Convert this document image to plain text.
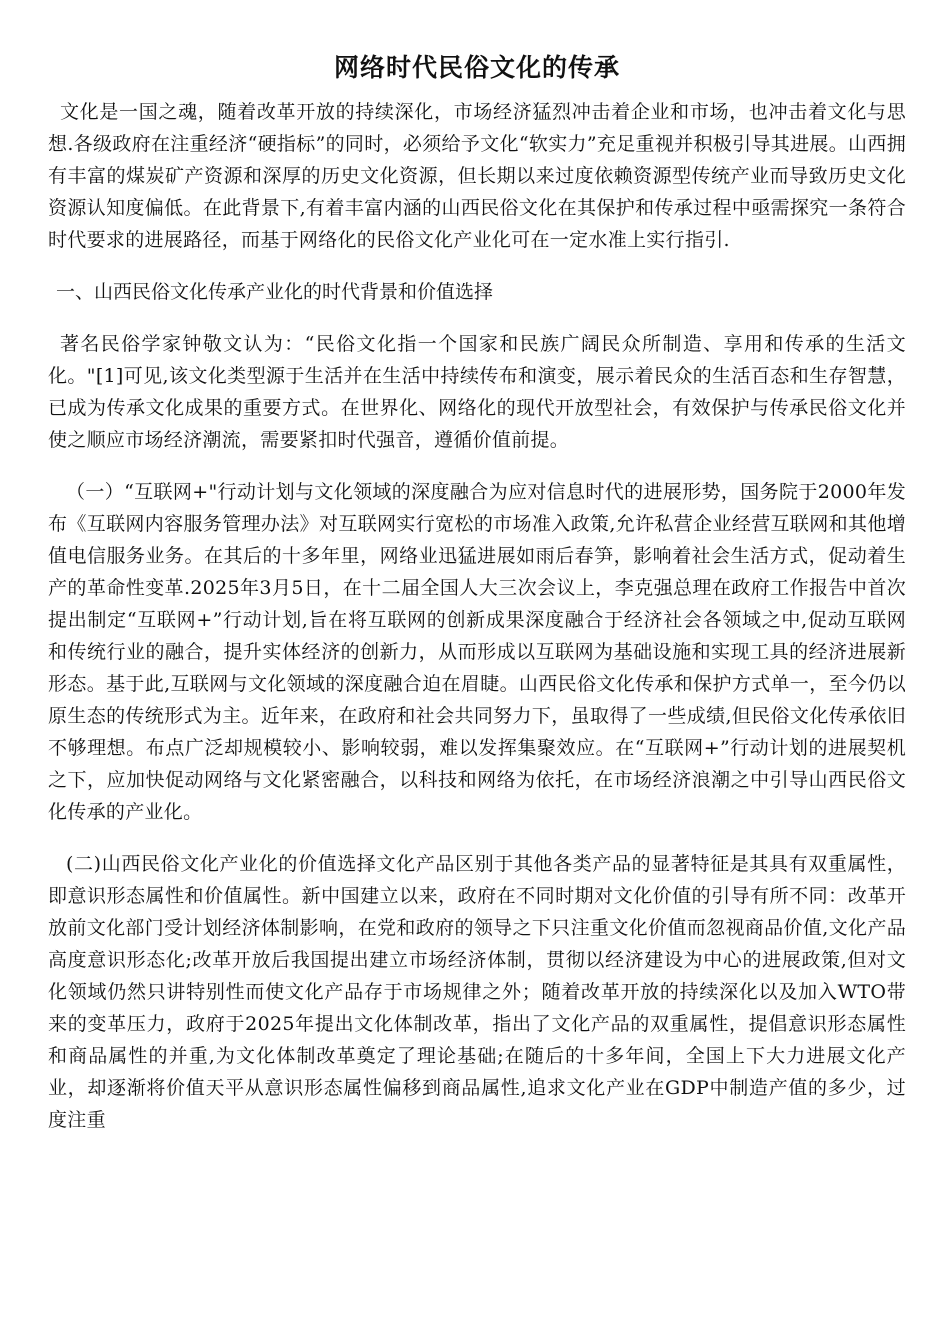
网络时代民俗文化的传承

文化是一国之魂，随着改革开放的持续深化，市场经济猛烈冲击着企业和市场，也冲击着文化与思想.各级政府在注重经济“硬指标”的同时，必须给予文化“软实力”充足重视并积极引导其进展。山西拥有丰富的煤炭矿产资源和深厚的历史文化资源，但长期以来过度依赖资源型传统产业而导致历史文化资源认知度偏低。在此背景下,有着丰富内涵的山西民俗文化在其保护和传承过程中亟需探究一条符合时代要求的进展路径，而基于网络化的民俗文化产业化可在一定水准上实行指引.

一、山西民俗文化传承产业化的时代背景和价值选择

著名民俗学家钟敬文认为：“民俗文化指一个国家和民族广阔民众所制造、享用和传承的生活文化。"[1]可见,该文化类型源于生活并在生活中持续传布和演变，展示着民众的生活百态和生存智慧，已成为传承文化成果的重要方式。在世界化、网络化的现代开放型社会，有效保护与传承民俗文化并使之顺应市场经济潮流，需要紧扣时代强音，遵循价值前提。

（一）“互联网+"行动计划与文化领域的深度融合为应对信息时代的进展形势，国务院于2000年发布《互联网内容服务管理办法》对互联网实行宽松的市场准入政策,允许私营企业经营互联网和其他增值电信服务业务。在其后的十多年里，网络业迅猛进展如雨后春笋，影响着社会生活方式，促动着生产的革命性变革.2025年3月5日，在十二届全国人大三次会议上，李克强总理在政府工作报告中首次提出制定“互联网+”行动计划,旨在将互联网的创新成果深度融合于经济社会各领域之中,促动互联网和传统行业的融合，提升实体经济的创新力，从而形成以互联网为基础设施和实现工具的经济进展新形态。基于此,互联网与文化领域的深度融合迫在眉睫。山西民俗文化传承和保护方式单一，至今仍以原生态的传统形式为主。近年来，在政府和社会共同努力下，虽取得了一些成绩,但民俗文化传承依旧不够理想。布点广泛却规模较小、影响较弱，难以发挥集聚效应。在“互联网+”行动计划的进展契机之下，应加快促动网络与文化紧密融合，以科技和网络为依托，在市场经济浪潮之中引导山西民俗文化传承的产业化。

(二)山西民俗文化产业化的价值选择文化产品区别于其他各类产品的显著特征是其具有双重属性，即意识形态属性和价值属性。新中国建立以来，政府在不同时期对文化价值的引导有所不同：改革开放前文化部门受计划经济体制影响，在党和政府的领导之下只注重文化价值而忽视商品价值,文化产品高度意识形态化;改革开放后我国提出建立市场经济体制，贯彻以经济建设为中心的进展政策,但对文化领域仍然只讲特别性而使文化产品存于市场规律之外；随着改革开放的持续深化以及加入WTO带来的变革压力，政府于2025年提出文化体制改革，指出了文化产品的双重属性，提倡意识形态属性和商品属性的并重,为文化体制改革奠定了理论基础;在随后的十多年间，全国上下大力进展文化产业，却逐渐将价值天平从意识形态属性偏移到商品属性,追求文化产业在GDP中制造产值的多少，过度注重
